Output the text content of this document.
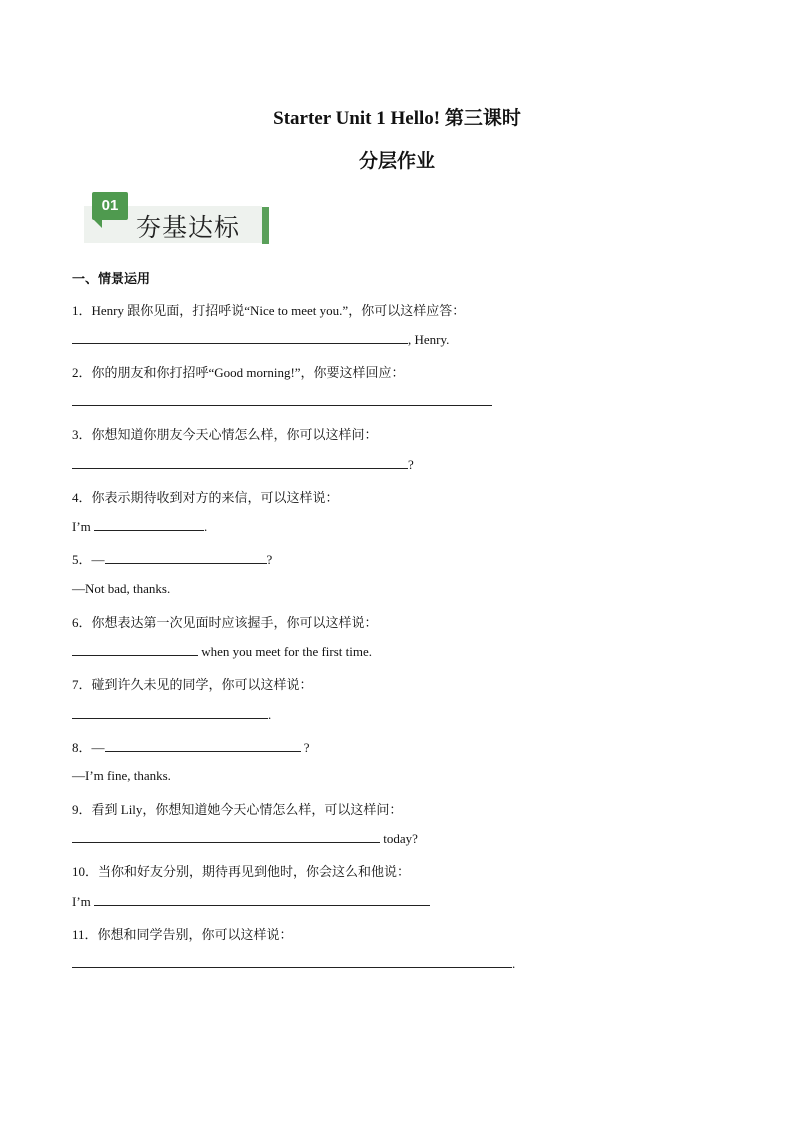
Starter Unit 1 Hello! 第三课时
分层作业
01
夯基达标
一、情景运用
1．Henry 跟你见面，打招呼说“Nice to meet you.”，你可以这样应答：
, Henry.
2．你的朋友和你打招呼“Good morning!”，你要这样回应：
3．你想知道你朋友今天心情怎么样，你可以这样问：
?
4．你表示期待收到对方的来信，可以这样说：
I’m	.
5．—	?
—Not bad, thanks.
6．你想表达第一次见面时应该握手，你可以这样说：
when you meet for the first time.
7．碰到许久未见的同学，你可以这样说：
.
8．—	?
—I’m fine, thanks.
9．看到 Lily，你想知道她今天心情怎么样，可以这样问：
today?
10．当你和好友分别，期待再见到他时，你会这么和他说：
I’m
11．你想和同学告别，你可以这样说：
.
